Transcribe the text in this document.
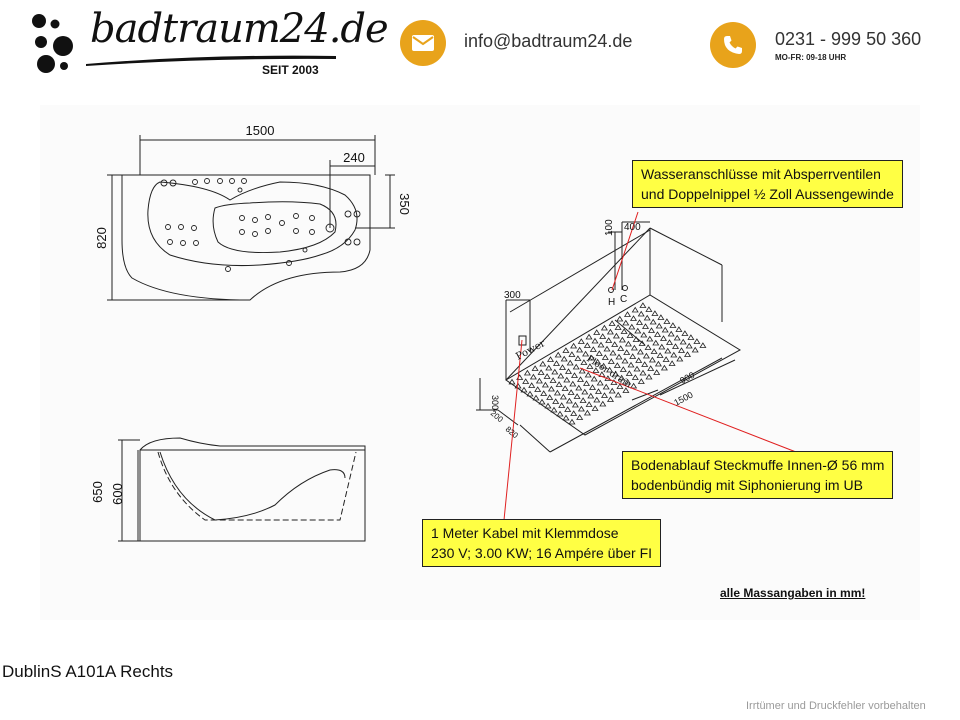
badtraum24.de
SEIT 2003
info@badtraum24.de	0231 - 999 50 360
MO-FR: 09-18 UHR
1500
240
350
820
650 600
100 400
H C
300
Power
Floor drain
300
200
820
900
1500
Wasseranschlüsse mit Absperrventilen
und Doppelnippel ½ Zoll Aussengewinde
Bodenablauf Steckmuffe Innen-Ø 56 mm
bodenbündig mit Siphonierung im UB
1 Meter Kabel mit Klemmdose
230 V; 3.00 KW; 16 Ampére über FI
alle Massangaben in mm!
DublinS A101A Rechts
Irrtümer und Druckfehler vorbehalten
